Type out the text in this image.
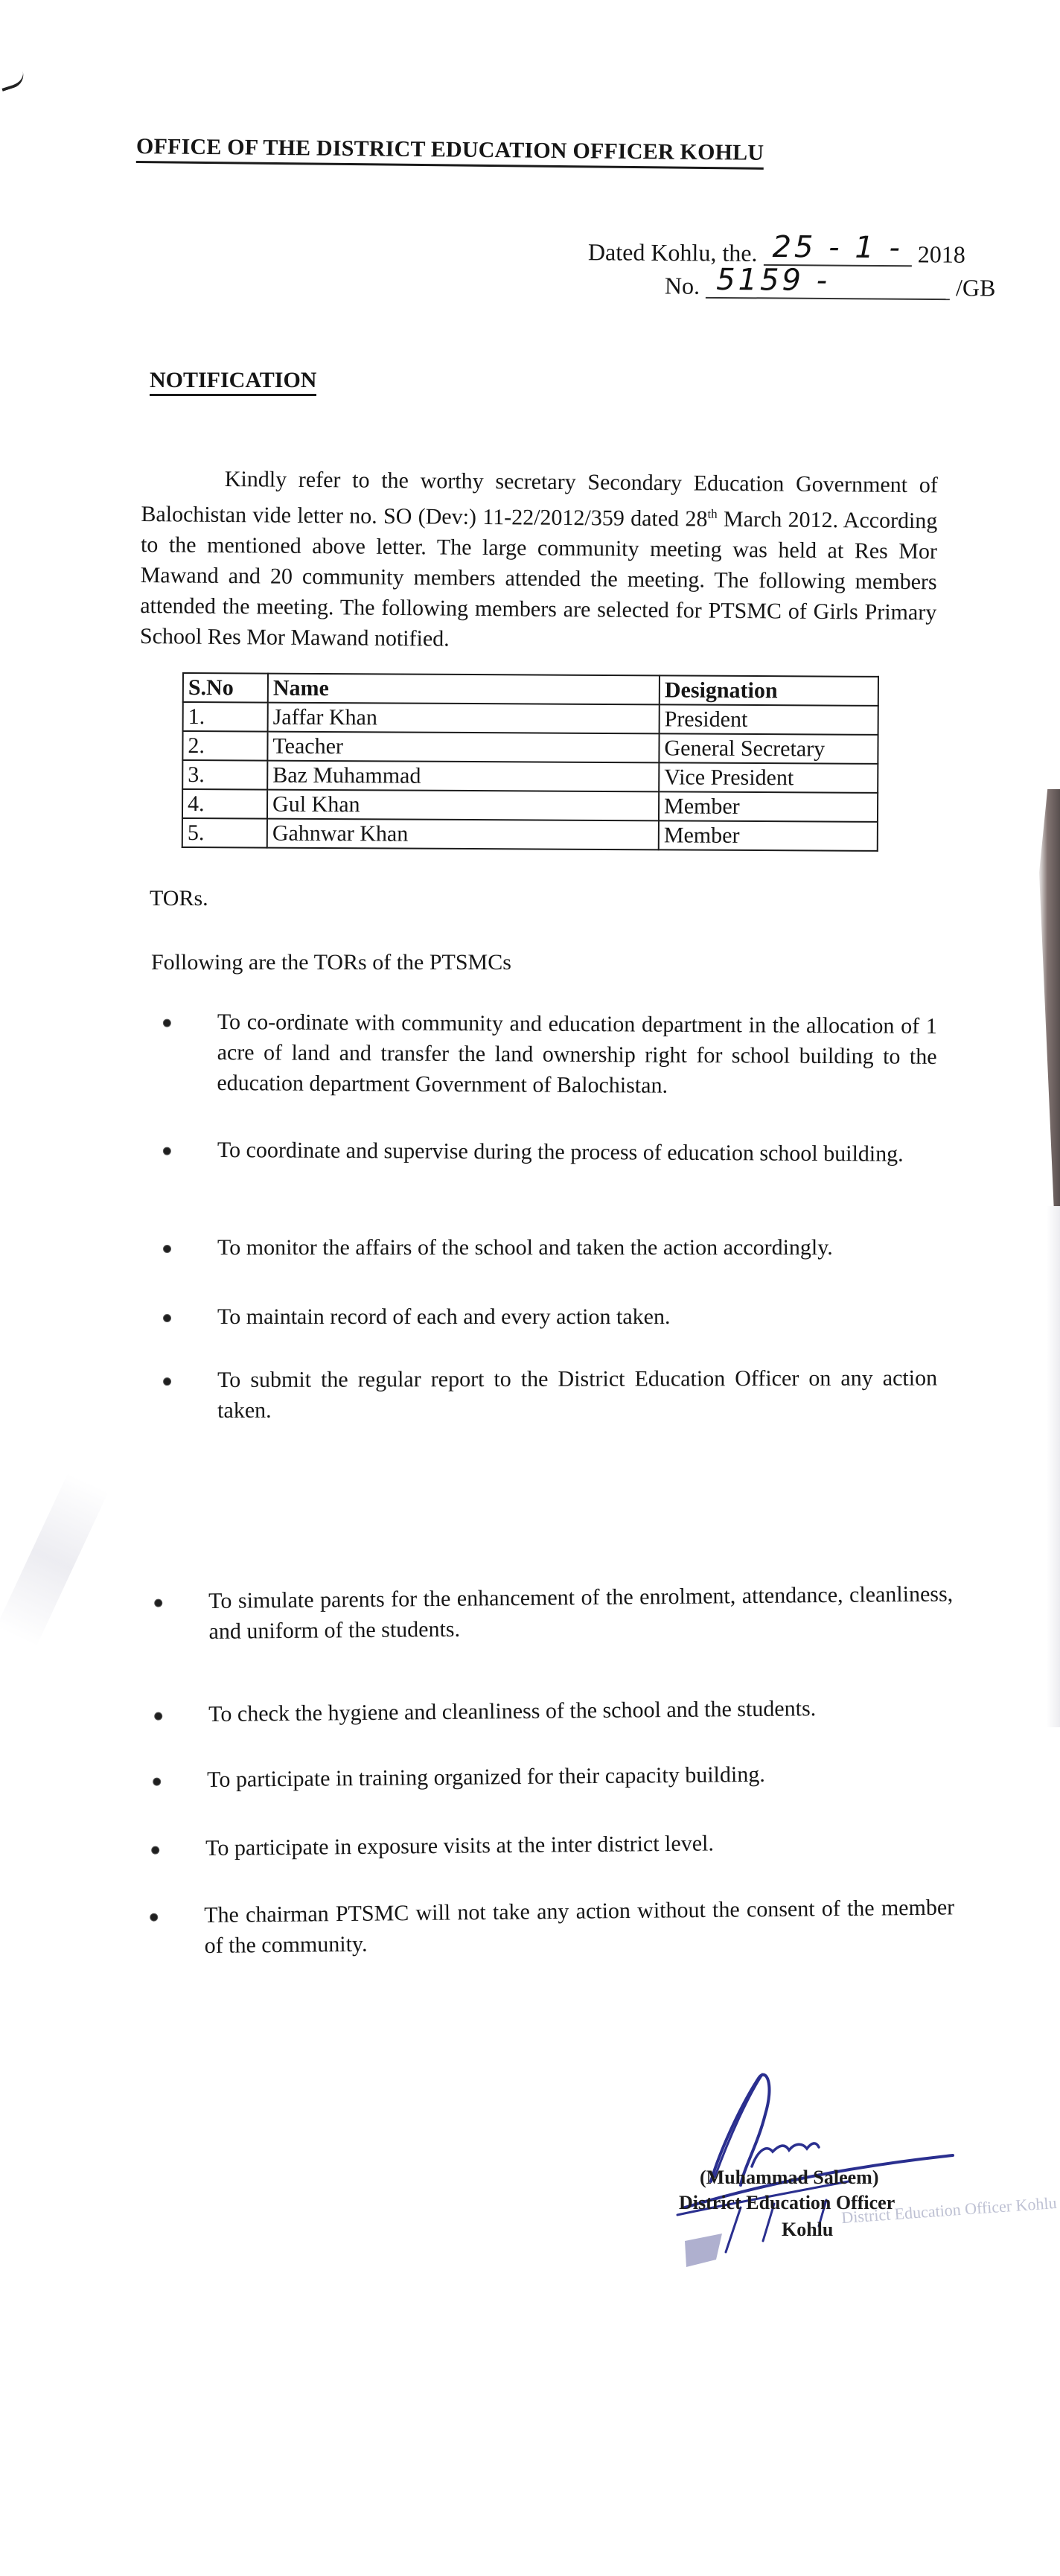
OFFICE OF THE DISTRICT EDUCATION OFFICER KOHLU
Dated Kohlu, the. 25 - 1 - 2018
No. 5159 -	/GB
NOTIFICATION

Kindly refer to the worthy secretary Secondary Education Government of Balochistan vide letter no. SO (Dev:) 11-22/2012/359 dated 28th March 2012. According to the mentioned above letter. The large community meeting was held at Res Mor Mawand and 20 community members attended the meeting. The following members attended the meeting. The following members are selected for PTSMC of Girls Primary School Res Mor Mawand notified.

S.No	Name	Designation
1.	Jaffar Khan	President
2.	Teacher	General Secretary
3.	Baz Muhammad	Vice President
4.	Gul Khan	Member
5.	Gahnwar Khan	Member
TORs.
Following are the TORs of the PTSMCs
To co-ordinate with community and education department in the allocation of 1 acre of land and transfer the land ownership right for school building to the education department Government of Balochistan.
To coordinate and supervise during the process of education school building.
To monitor the affairs of the school and taken the action accordingly.
To maintain record of each and every action taken.
To submit the regular report to the District Education Officer on any action taken.
To simulate parents for the enhancement of the enrolment, attendance, cleanliness, and uniform of the students.
To check the hygiene and cleanliness of the school and the students.
To participate in training organized for their capacity building.
To participate in exposure visits at the inter district level.
The chairman PTSMC will not take any action without the consent of the member of the community.
District Education Officer Kohlu
(Muhammad Saleem)
District Education Officer
Kohlu
